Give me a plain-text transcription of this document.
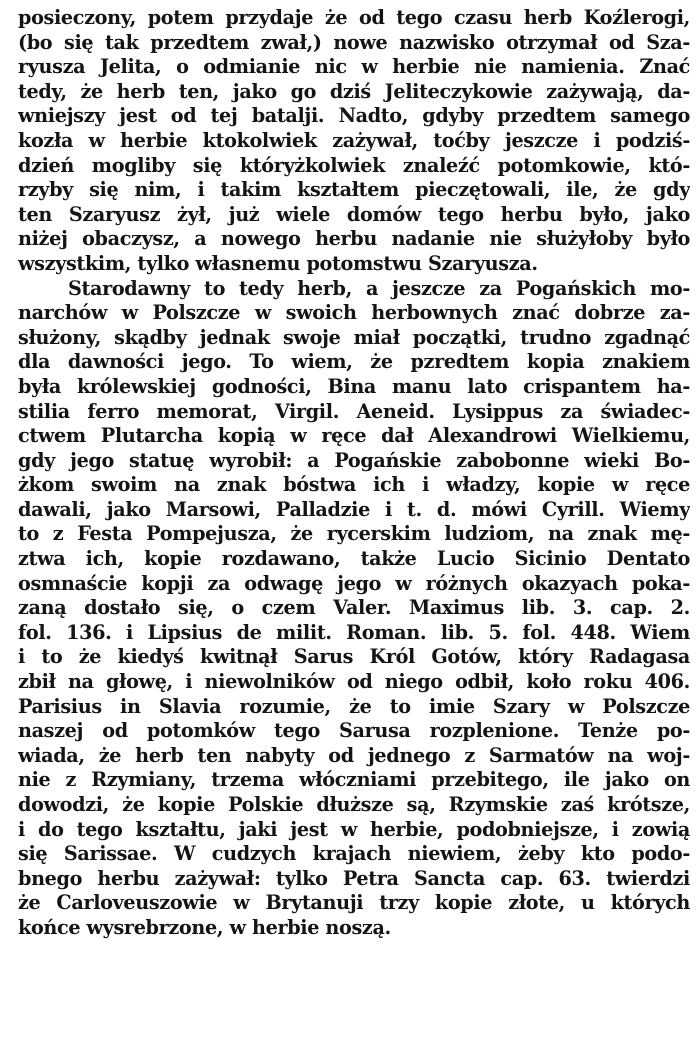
posieczony, potem przydaje że od tego czasu herb Koźlerogi,
(bo się tak przedtem zwał,) nowe nazwisko otrzymał od Sza-
ryusza Jelita, o odmianie nic w herbie nie namienia. Znać
tedy, że herb ten, jako go dziś Jeliteczykowie zażywają, da-
wniejszy jest od tej batalji. Nadto, gdyby przedtem samego
kozła w herbie ktokolwiek zażywał, toćby jeszcze i podziś-
dzień mogliby się któryżkolwiek znaleźć potomkowie, któ-
rzyby się nim, i takim kształtem pieczętowali, ile, że gdy
ten Szaryusz żył, już wiele domów tego herbu było, jako
niżej obaczysz, a nowego herbu nadanie nie służyłoby było
wszystkim, tylko własnemu potomstwu Szaryusza.
Starodawny to tedy herb, a jeszcze za Pogańskich mo-
narchów w Polszcze w swoich herbownych znać dobrze za-
służony, skądby jednak swoje miał początki, trudno zgadnąć
dla dawności jego. To wiem, że pzredtem kopia znakiem
była królewskiej godności, Bina manu lato crispantem ha-
stilia ferro memorat, Virgil. Aeneid. Lysippus za świadec-
ctwem Plutarcha kopią w ręce dał Alexandrowi Wielkiemu,
gdy jego statuę wyrobił: a Pogańskie zabobonne wieki Bo-
żkom swoim na znak bóstwa ich i władzy, kopie w ręce
dawali, jako Marsowi, Palladzie i t. d. mówi Cyrill. Wiemy
to z Festa Pompejusza, że rycerskim ludziom, na znak mę-
ztwa ich, kopie rozdawano, także Lucio Sicinio Dentato
osmnaście kopji za odwagę jego w różnych okazyach poka-
zaną dostało się, o czem Valer. Maximus lib. 3. cap. 2.
fol. 136. i Lipsius de milit. Roman. lib. 5. fol. 448. Wiem
i to że kiedyś kwitnął Sarus Król Gotów, który Radagasa
zbił na głowę, i niewolników od niego odbił, koło roku 406.
Parisius in Slavia rozumie, że to imie Szary w Polszcze
naszej od potomków tego Sarusa rozplenione. Tenże po-
wiada, że herb ten nabyty od jednego z Sarmatów na woj-
nie z Rzymiany, trzema włóczniami przebitego, ile jako on
dowodzi, że kopie Polskie dłuższe są, Rzymskie zaś krótsze,
i do tego kształtu, jaki jest w herbie, podobniejsze, i zowią
się Sarissae. W cudzych krajach niewiem, żeby kto podo-
bnego herbu zażywał: tylko Petra Sancta cap. 63. twierdzi
że Carloveuszowie w Brytanuji trzy kopie złote, u których
końce wysrebrzone, w herbie noszą.
